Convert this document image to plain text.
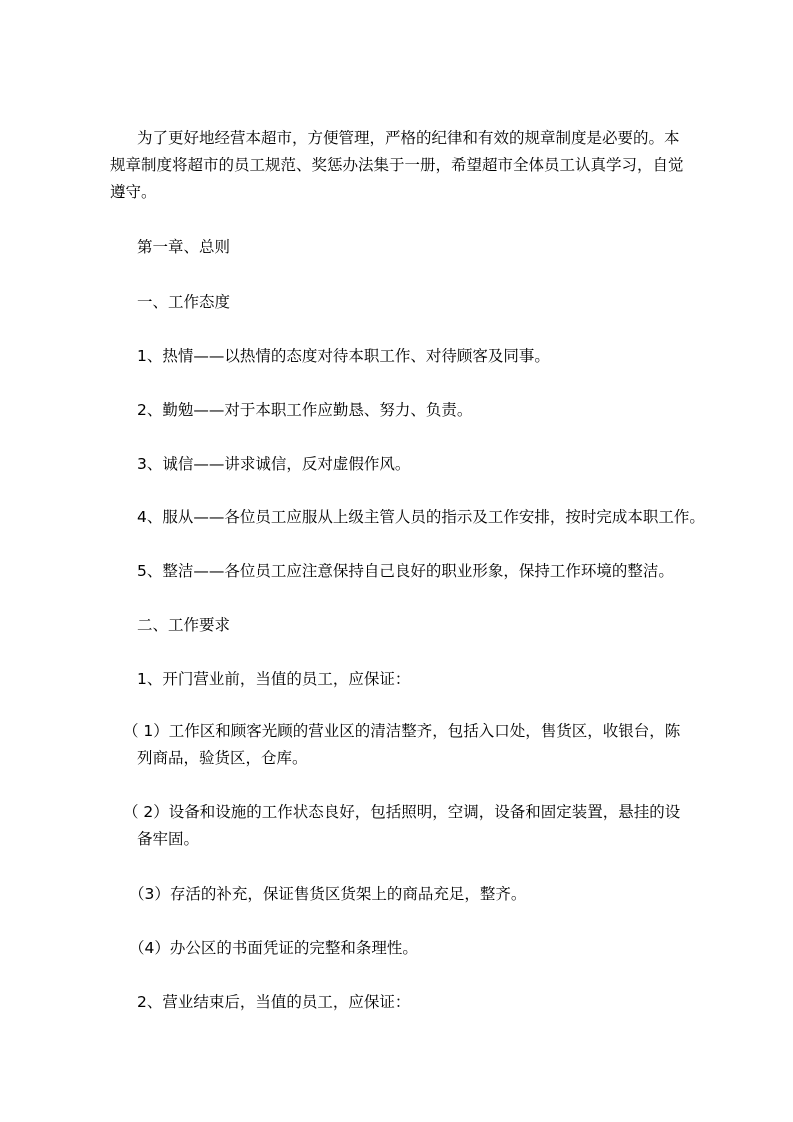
为了更好地经营本超市，方便管理，严格的纪律和有效的规章制度是必要的。本
规章制度将超市的员工规范、奖惩办法集于一册，希望超市全体员工认真学习，自觉
遵守。
第一章、总则
一、工作态度
1、热情——以热情的态度对待本职工作、对待顾客及同事。
2、勤勉——对于本职工作应勤恳、努力、负责。
3、诚信——讲求诚信，反对虚假作风。
4、服从——各位员工应服从上级主管人员的指示及工作安排，按时完成本职工作。
5、整洁——各位员工应注意保持自己良好的职业形象，保持工作环境的整洁。
二、工作要求
1、开门营业前，当值的员工，应保证：
（ 1）工作区和顾客光顾的营业区的清洁整齐，包括入口处，售货区，收银台，陈
列商品，验货区，仓库。
（ 2）设备和设施的工作状态良好，包括照明，空调，设备和固定装置，悬挂的设
备牢固。
（3）存活的补充，保证售货区货架上的商品充足，整齐。
（4）办公区的书面凭证的完整和条理性。
2、营业结束后，当值的员工，应保证：
